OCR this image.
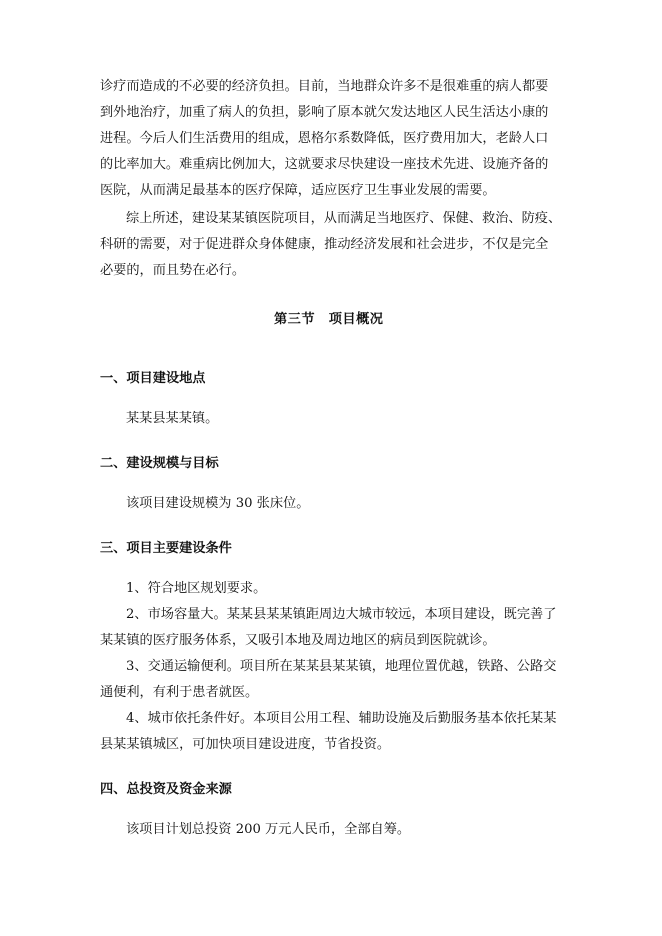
诊疗而造成的不必要的经济负担。目前，当地群众许多不是很难重的病人都要

到外地治疗，加重了病人的负担，影响了原本就欠发达地区人民生活达小康的

进程。今后人们生活费用的组成，恩格尔系数降低，医疗费用加大，老龄人口

的比率加大。难重病比例加大，这就要求尽快建设一座技术先进、设施齐备的

医院，从而满足最基本的医疗保障，适应医疗卫生事业发展的需要。

综上所述，建设某某镇医院项目，从而满足当地医疗、保健、救治、防疫、

科研的需要，对于促进群众身体健康，推动经济发展和社会进步，不仅是完全

必要的，而且势在必行。

第三节　项目概况
一、项目建设地点

某某县某某镇。

二、建设规模与目标

该项目建设规模为 30 张床位。

三、项目主要建设条件

1、符合地区规划要求。

2、市场容量大。某某县某某镇距周边大城市较远，本项目建设，既完善了

某某镇的医疗服务体系，又吸引本地及周边地区的病员到医院就诊。

3、交通运输便利。项目所在某某县某某镇，地理位置优越，铁路、公路交

通便利，有利于患者就医。

4、城市依托条件好。本项目公用工程、辅助设施及后勤服务基本依托某某

县某某镇城区，可加快项目建设进度，节省投资。

四、总投资及资金来源

该项目计划总投资 200 万元人民币，全部自筹。
